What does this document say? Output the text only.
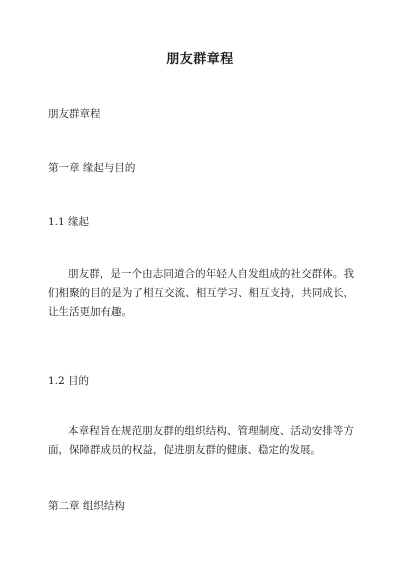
朋友群章程
朋友群章程
第一章 缘起与目的
1.1 缘起
朋友群，是一个由志同道合的年轻人自发组成的社交群体。我们相聚的目的是为了相互交流、相互学习、相互支持，共同成长，让生活更加有趣。
1.2 目的
本章程旨在规范朋友群的组织结构、管理制度、活动安排等方面，保障群成员的权益，促进朋友群的健康、稳定的发展。
第二章 组织结构
